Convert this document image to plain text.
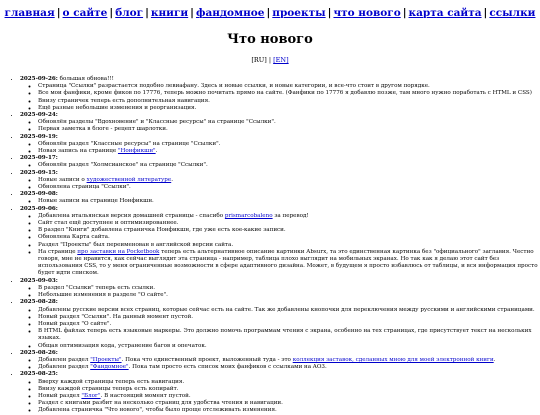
главная | о сайте | блог | книги | фандомное | проекты | что нового | карта сайта | ссылки
Что нового
[RU] | [EN]
• 2025-09-26: большая обнова!!!
◦ Страница "Ссылки" разрастается подобно левиафану. Здесь и новые ссылки, и новые категории, и все-что стоит в другом порядке.
◦ Все мои фанфики, кроме фиков по 17776, теперь можно почитать прямо на сайте. (Фанфики по 17776 я добавлю позже, там много нужно поработать с HTML и CSS)
◦ Внизу страничек теперь есть дополнительная навигация.
◦ Ещё разные небольшие изменения и реорганизация.
• 2025-09-24:
◦ Обновлён разделы "Вдохновение" и "Классные ресурсы" на странице "Ссылки".
◦ Первая заметка в блоге - рецепт шарлотки.
• 2025-09-19:
◦ Обновлён раздел "Классные ресурсы" на странице "Ссылки".
◦ Новая запись на странице "Нонфикшн".
• 2025-09-17:
◦ Обновлён раздел "Холмсианское" на странице "Ссылки".
• 2025-09-15:
◦ Новые записи о художественной литературе.
◦ Обновлена страница "Ссылки".
• 2025-09-08:
◦ Новые записи на странице Нонфикшн.
• 2025-09-06:
◦ Добавлена итальянская версия домашней страницы - спасибо prismarcobaleno за перевод!
◦ Сайт стал ещё доступнее и оптимизированнее.
◦ В раздел "Книги" добавлена страничка Нонфикшн, где уже есть кое-какие записи.
◦ Обновлена Карта сайта.
◦ Раздел "Проекты" был переименован в английской версии сайта.
◦ На странице про заставки на Pocketbook теперь есть альтернативное описание картинки Absurx, та это единственная картинка без "официального" заглавия. Честно говоря, мне не нравится, как сейчас выглядит эта страница - например, таблица плохо выглядит на мобильных экранах. Но так как я делаю этот сайт без использования CSS, то у меня ограниченные возможности в сфере адаптивного дизайна. Может, в будущем я просто избавлюсь от таблицы, и вся информация просто будет идти списком.
• 2025-09-03:
◦ В раздел "Ссылки" теперь есть ссылки.
◦ Небольшие изменения в разделе "О сайте".
• 2025-08-28:
◦ Добавлены русские версии всех страниц, которые сейчас есть на сайте. Так же добавлены кнопочки для переключения между русскими и английскими страницами.
◦ Новый раздел "Ссылки". На данный момент пустой.
◦ Новый раздел "О сайте".
◦ В HTML файлах теперь есть языковые маркеры. Это должно помочь программам чтения с экрана, особенно на тех страницах, где присутствует текст на нескольких языках.
◦ Общая оптимизация кода, устранение багов и опечаток.
• 2025-08-26:
◦ Добавлен раздел "Проекты". Пока что единственный проект, выложенный туда - это коллекция заставок, сделанных мною для моей электронной книги.
◦ Добавлен раздел "Фандомное". Пока там просто есть список моих фанфиков с ссылками на AO3.
• 2025-08-25:
◦ Вверху каждой страницы теперь есть навигация.
◦ Внизу каждой страницы теперь есть копирайт.
◦ Новый раздел "Блог". В настоящий момент пустой.
◦ Раздел с книгами разбит на несколько страниц для удобства чтения и навигации.
◦ Добавлена страничка "Что нового", чтобы было проще отслеживать изменения.
